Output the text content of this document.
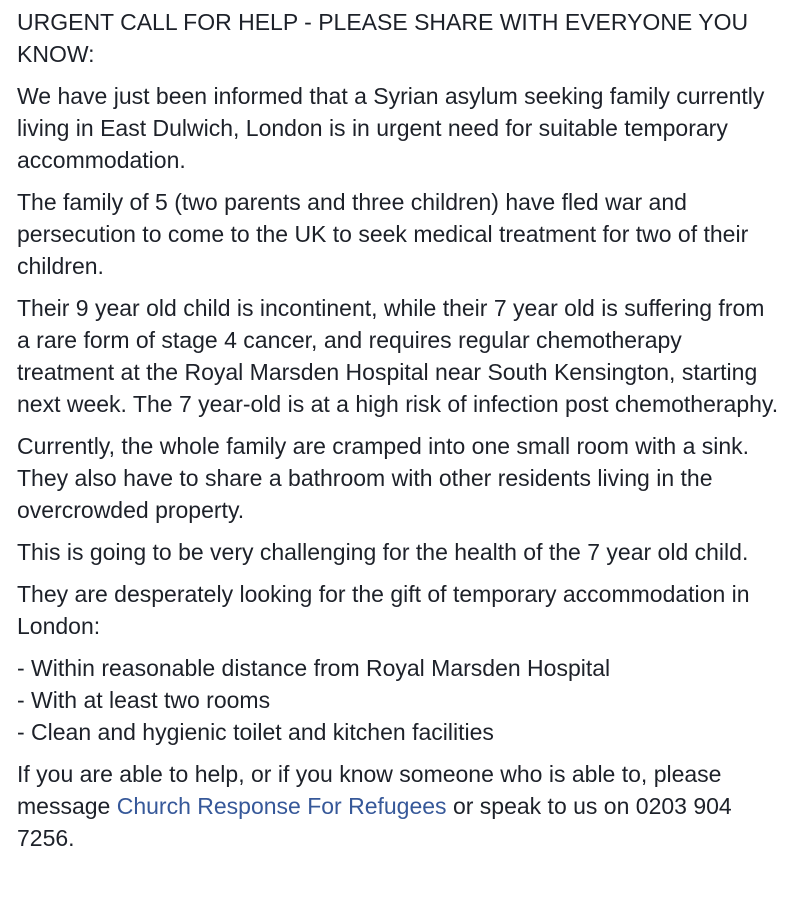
URGENT CALL FOR HELP - PLEASE SHARE WITH EVERYONE YOU KNOW:
We have just been informed that a Syrian asylum seeking family currently living in East Dulwich, London is in urgent need for suitable temporary accommodation.
The family of 5 (two parents and three children) have fled war and persecution to come to the UK to seek medical treatment for two of their children.
Their 9 year old child is incontinent, while their 7 year old is suffering from a rare form of stage 4 cancer, and requires regular chemotherapy treatment at the Royal Marsden Hospital near South Kensington, starting next week. The 7 year-old is at a high risk of infection post chemotheraphy.
Currently, the whole family are cramped into one small room with a sink. They also have to share a bathroom with other residents living in the overcrowded property.
This is going to be very challenging for the health of the 7 year old child.
They are desperately looking for the gift of temporary accommodation in London:
- Within reasonable distance from Royal Marsden Hospital
- With at least two rooms
- Clean and hygienic toilet and kitchen facilities
If you are able to help, or if you know someone who is able to, please message Church Response For Refugees or speak to us on 0203 904 7256.
